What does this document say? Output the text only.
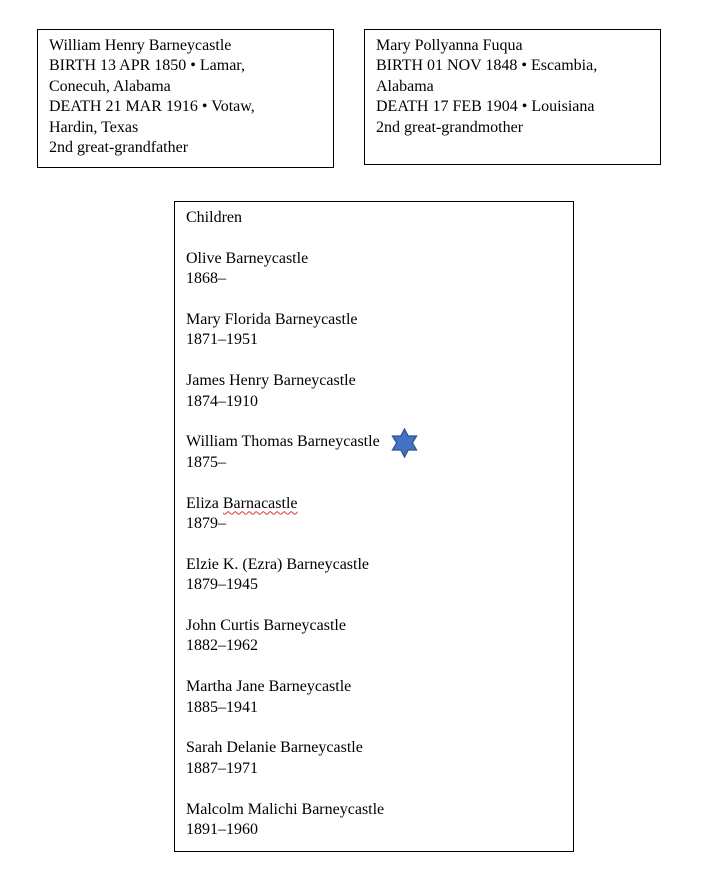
William Henry Barneycastle
BIRTH 13 APR 1850 • Lamar,
Conecuh, Alabama
DEATH 21 MAR 1916 • Votaw,
Hardin, Texas
2nd great-grandfather
Mary Pollyanna Fuqua
BIRTH 01 NOV 1848 • Escambia,
Alabama
DEATH 17 FEB 1904 • Louisiana
2nd great-grandmother
Children
Olive Barneycastle
1868–
Mary Florida Barneycastle
1871–1951
James Henry Barneycastle
1874–1910
William Thomas Barneycastle
1875–
Eliza Barnacastle
1879–
Elzie K. (Ezra) Barneycastle
1879–1945
John Curtis Barneycastle
1882–1962
Martha Jane Barneycastle
1885–1941
Sarah Delanie Barneycastle
1887–1971
Malcolm Malichi Barneycastle
1891–1960
